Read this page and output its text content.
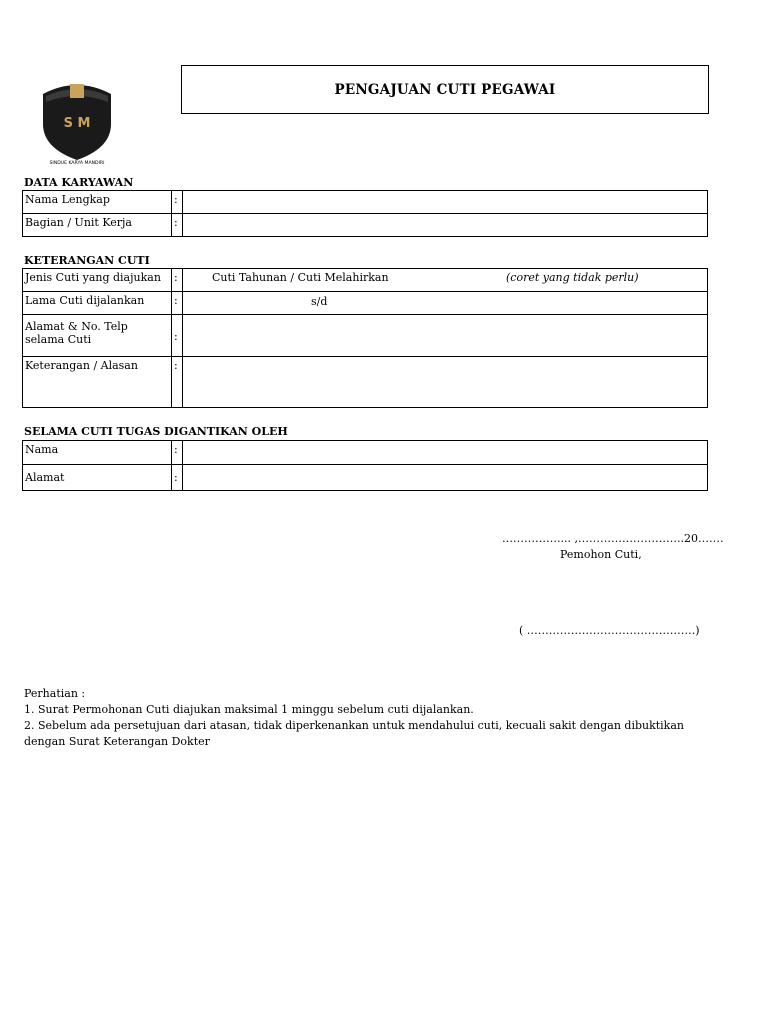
S M
SINDUE KARYA MANDIRI
PENGAJUAN CUTI PEGAWAI
DATA KARYAWAN
Nama Lengkap	:	
Bagian / Unit Kerja	:	
KETERANGAN CUTI
Jenis Cuti yang diajukan	:	Cuti Tahunan / Cuti Melahirkan (coret yang tidak perlu)
Lama Cuti dijalankan	:	s/d
Alamat & No. Telp selama Cuti	:	
Keterangan / Alasan	:	
SELAMA CUTI TUGAS DIGANTIKAN OLEH
Nama	:	
Alamat	:	
…………….... ,………………………..20…….
Pemohon Cuti,
( ……………………………………….)
Perhatian :
1. Surat Permohonan Cuti diajukan maksimal 1 minggu sebelum cuti dijalankan.
2. Sebelum ada persetujuan dari atasan, tidak diperkenankan untuk mendahului cuti, kecuali sakit dengan dibuktikan dengan Surat Keterangan Dokter
